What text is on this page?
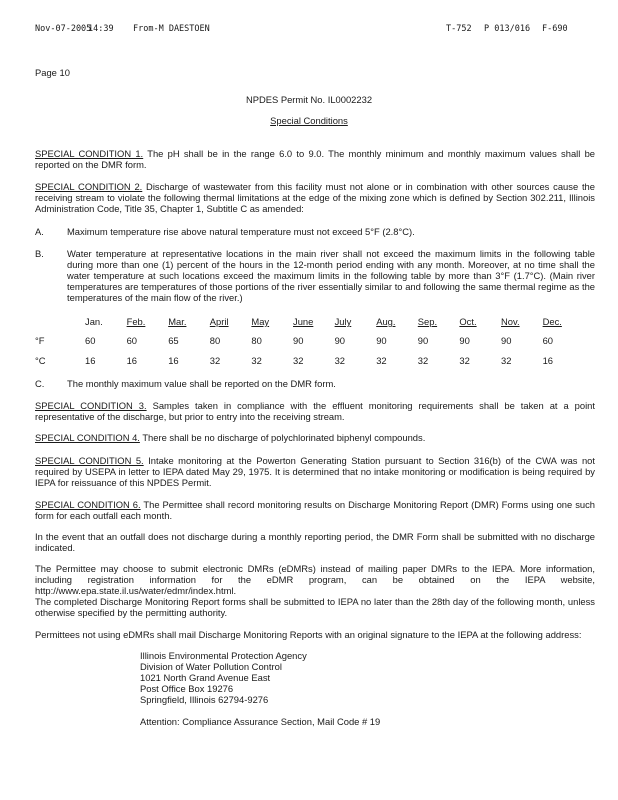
Nov-07-2005
14:39 From-M DAESTOEN	T-752 P 013/016 F-690
Page 10
NPDES Permit No. IL0002232
Special Conditions
SPECIAL CONDITION 1. The pH shall be in the range 6.0 to 9.0. The monthly minimum and monthly maximum values shall be reported on the DMR form.
SPECIAL CONDITION 2. Discharge of wastewater from this facility must not alone or in combination with other sources cause the receiving stream to violate the following thermal limitations at the edge of the mixing zone which is defined by Section 302.211, Illinois Administration Code, Title 35, Chapter 1, Subtitle C as amended:
A. Maximum temperature rise above natural temperature must not exceed 5°F (2.8°C).
B. Water temperature at representative locations in the main river shall not exceed the maximum limits in the following table during more than one (1) percent of the hours in the 12-month period ending with any month. Moreover, at no time shall the water temperature at such locations exceed the maximum limits in the following table by more than 3°F (1.7°C). (Main river temperatures are temperatures of those portions of the river essentially similar to and following the same thermal regime as the temperatures of the main flow of the river.)
Jan.	Feb. Mar. April May	June July	Aug. Sep. Oct.	Nov. Dec.
°F	60	60	65	80	80	90	90	90	90	90	90	60
°C	16	16	16	32	32	32	32	32	32	32	32	16
C. The monthly maximum value shall be reported on the DMR form.
SPECIAL CONDITION 3. Samples taken in compliance with the effluent monitoring requirements shall be taken at a point representative of the discharge, but prior to entry into the receiving stream.
SPECIAL CONDITION 4. There shall be no discharge of polychlorinated biphenyl compounds.
SPECIAL CONDITION 5. Intake monitoring at the Powerton Generating Station pursuant to Section 316(b) of the CWA was not required by USEPA in letter to IEPA dated May 29, 1975. It is determined that no intake monitoring or modification is being required by IEPA for reissuance of this NPDES Permit.
SPECIAL CONDITION 6. The Permittee shall record monitoring results on Discharge Monitoring Report (DMR) Forms using one such form for each outfall each month.
In the event that an outfall does not discharge during a monthly reporting period, the DMR Form shall be submitted with no discharge indicated.
The Permittee may choose to submit electronic DMRs (eDMRs) instead of mailing paper DMRs to the IEPA. More information, including registration information for the eDMR program, can be obtained on the IEPA website, http://www.epa.state.il.us/water/edmr/index.html.
The completed Discharge Monitoring Report forms shall be submitted to IEPA no later than the 28th day of the following month, unless otherwise specified by the permitting authority.
Permittees not using eDMRs shall mail Discharge Monitoring Reports with an original signature to the IEPA at the following address:
Illinois Environmental Protection Agency
Division of Water Pollution Control
1021 North Grand Avenue East
Post Office Box 19276
Springfield, Illinois 62794-9276
Attention: Compliance Assurance Section, Mail Code # 19
